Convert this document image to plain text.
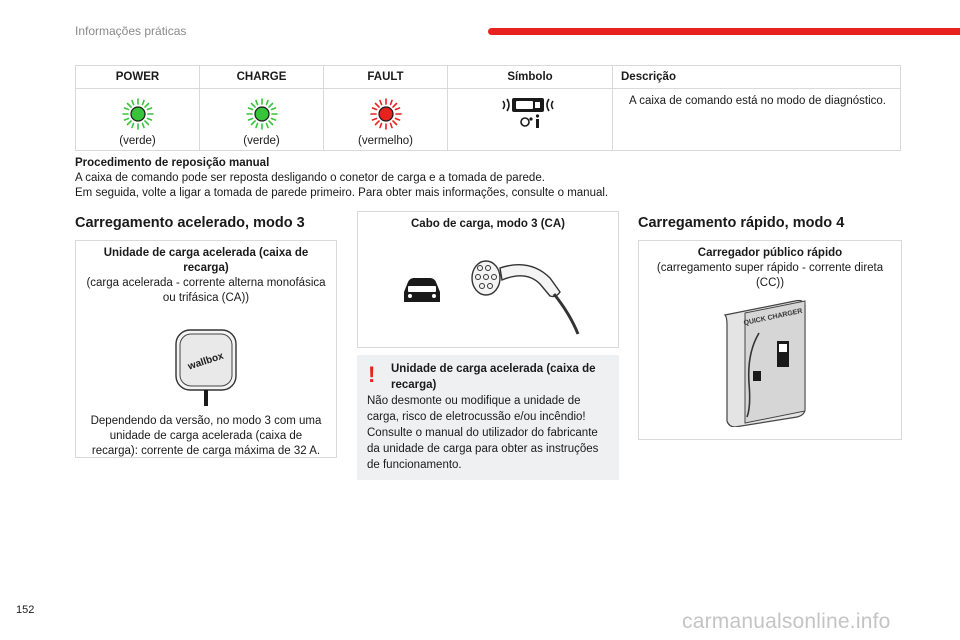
Informações práticas
POWER	CHARGE	FAULT	Símbolo	Descrição

(verde)	(verde)	(vermelho)		A caixa de comando está no modo de diagnóstico.
Procedimento de reposição manual
A caixa de comando pode ser reposta desligando o conetor de carga e a tomada de parede.
Em seguida, volte a ligar a tomada de parede primeiro. Para obter mais informações, consulte o manual.
Carregamento acelerado, modo 3
Unidade de carga acelerada (caixa de recarga)
(carga acelerada - corrente alterna monofásica ou trifásica (CA))
wallbox
Dependendo da versão, no modo 3 com uma unidade de carga acelerada (caixa de recarga): corrente de carga máxima de 32 A.
Cabo de carga, modo 3 (CA)
!	Unidade de carga acelerada (caixa de recarga)
Não desmonte ou modifique a unidade de carga, risco de eletrocussão e/ou incêndio! Consulte o manual do utilizador do fabricante da unidade de carga para obter as instruções de funcionamento.
Carregamento rápido, modo 4
Carregador público rápido
(carregamento super rápido - corrente direta (CC))
QUICK CHARGER
152	carmanualsonline.info
